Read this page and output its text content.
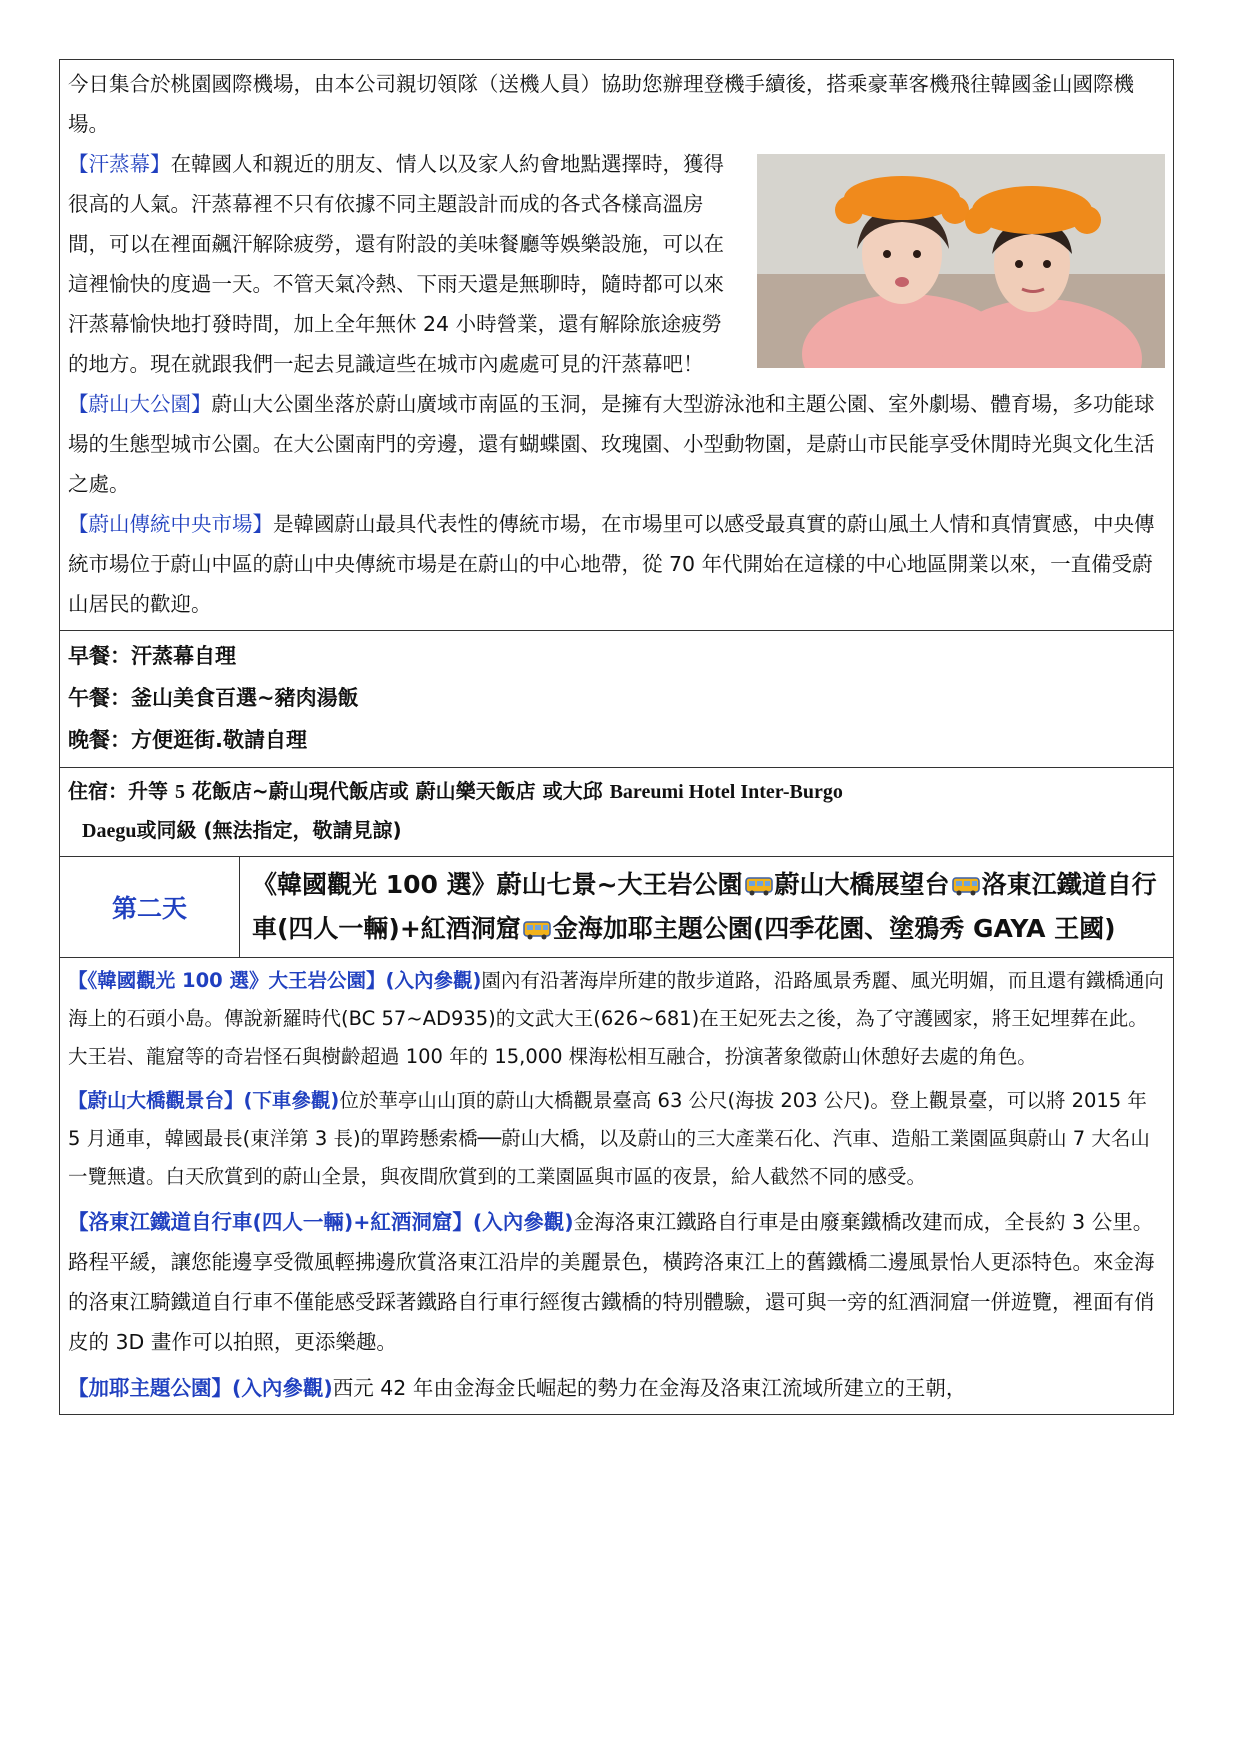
今日集合於桃園國際機場，由本公司親切領隊（送機人員）協助您辦理登機手續後，搭乘豪華客機飛往韓國釜山國際機場。

【汗蒸幕】在韓國人和親近的朋友、情人以及家人約會地點選擇時，獲得很高的人氣。汗蒸幕裡不只有依據不同主題設計而成的各式各樣高溫房間，可以在裡面飆汗解除疲勞，還有附設的美味餐廳等娛樂設施，可以在這裡愉快的度過一天。不管天氣冷熱、下雨天還是無聊時，隨時都可以來汗蒸幕愉快地打發時間，加上全年無休 24 小時營業，還有解除旅途疲勞的地方。現在就跟我們一起去見識這些在城市內處處可見的汗蒸幕吧！

【蔚山大公園】蔚山大公園坐落於蔚山廣域市南區的玉洞，是擁有大型游泳池和主題公園、室外劇場、體育場，多功能球場的生態型城市公園。在大公園南門的旁邊，還有蝴蝶園、玫瑰園、小型動物園，是蔚山市民能享受休閒時光與文化生活之處。

【蔚山傳統中央市場】是韓國蔚山最具代表性的傳統市場，在市場里可以感受最真實的蔚山風土人情和真情實感，中央傳統市場位于蔚山中區的蔚山中央傳統市場是在蔚山的中心地帶，從 70 年代開始在這樣的中心地區開業以來，一直備受蔚山居民的歡迎。

早餐：汗蒸幕自理

午餐：釜山美食百選~豬肉湯飯

晚餐：方便逛街.敬請自理

住宿：升等 5 花飯店~蔚山現代飯店或 蔚山樂天飯店 或大邱 Bareumi Hotel Inter-Burgo

Daegu或同級 (無法指定，敬請見諒)

第二天
《韓國觀光 100 選》蔚山七景~大王岩公園 蔚山大橋展望台 洛東江鐵道自行車(四人一輛)+紅酒洞窟 金海加耶主題公園(四季花園、塗鴉秀 GAYA 王國)

【《韓國觀光 100 選》大王岩公園】(入內參觀)園內有沿著海岸所建的散步道路，沿路風景秀麗、風光明媚，而且還有鐵橋通向海上的石頭小島。傳說新羅時代(BC 57~AD935)的文武大王(626~681)在王妃死去之後，為了守護國家，將王妃埋葬在此。大王岩、龍窟等的奇岩怪石與樹齡超過 100 年的 15,000 棵海松相互融合，扮演著象徵蔚山休憩好去處的角色。

【蔚山大橋觀景台】(下車參觀)位於華亭山山頂的蔚山大橋觀景臺高 63 公尺(海拔 203 公尺)。登上觀景臺，可以將 2015 年 5 月通車，韓國最長(東洋第 3 長)的單跨懸索橋──蔚山大橋，以及蔚山的三大產業石化、汽車、造船工業園區與蔚山 7 大名山一覽無遺。白天欣賞到的蔚山全景，與夜間欣賞到的工業園區與市區的夜景，給人截然不同的感受。

【洛東江鐵道自行車(四人一輛)+紅酒洞窟】(入內參觀)金海洛東江鐵路自行車是由廢棄鐵橋改建而成，全長約 3 公里。路程平緩，讓您能邊享受微風輕拂邊欣賞洛東江沿岸的美麗景色，橫跨洛東江上的舊鐵橋二邊風景怡人更添特色。來金海的洛東江騎鐵道自行車不僅能感受踩著鐵路自行車行經復古鐵橋的特別體驗，還可與一旁的紅酒洞窟一併遊覽，裡面有俏皮的 3D 畫作可以拍照，更添樂趣。

【加耶主題公園】(入內參觀)西元 42 年由金海金氏崛起的勢力在金海及洛東江流域所建立的王朝，
